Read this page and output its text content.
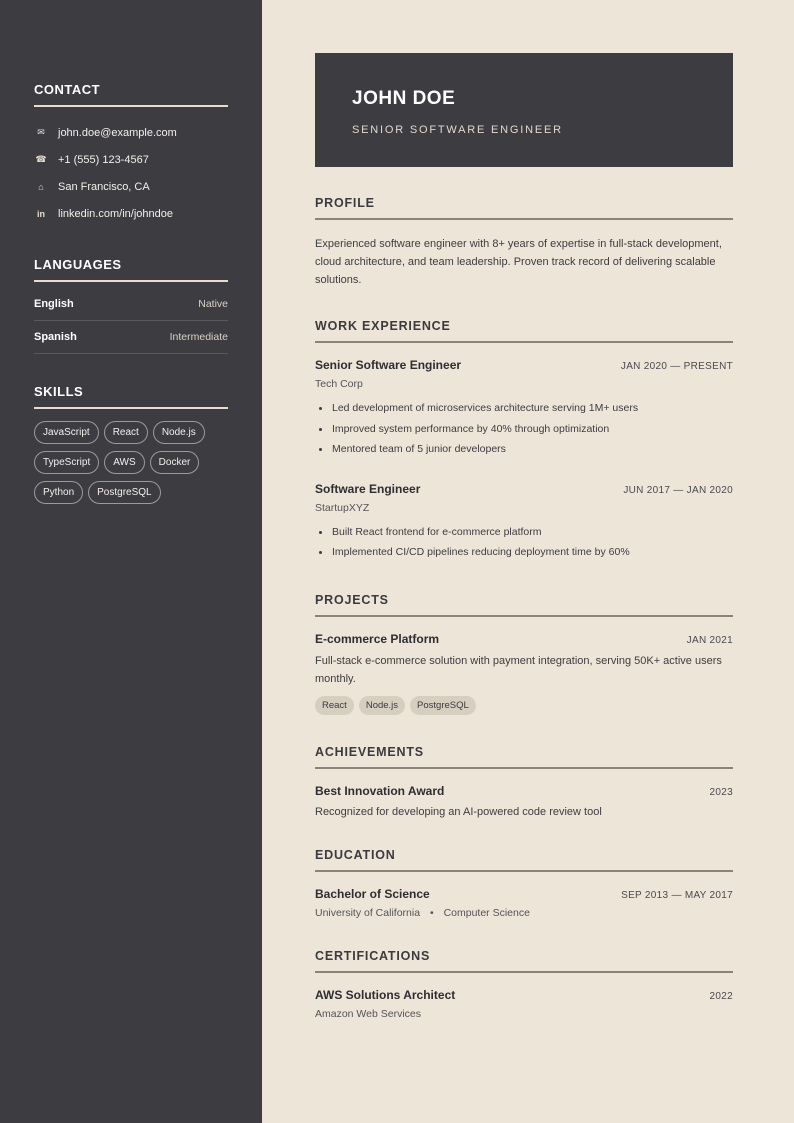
CONTACT
✉ john.doe@example.com
☎ +1 (555) 123-4567
⌂	San Francisco, CA
in linkedin.com/in/johndoe
LANGUAGES
English	Native
Spanish	Intermediate
SKILLS
JavaScript	React	Node.js
TypeScript	AWS	Docker
Python	PostgreSQL
JOHN DOE
SENIOR SOFTWARE ENGINEER
PROFILE

Experienced software engineer with 8+ years of expertise in full-stack development, cloud architecture, and team leadership. Proven track record of delivering scalable solutions.

WORK EXPERIENCE
Senior Software Engineer	JAN 2020 — PRESENT
Tech Corp
Led development of microservices architecture serving 1M+ users
Improved system performance by 40% through optimization
Mentored team of 5 junior developers
Software Engineer	JUN 2017 — JAN 2020
StartupXYZ
Built React frontend for e-commerce platform
Implemented CI/CD pipelines reducing deployment time by 60%
PROJECTS
E-commerce Platform	JAN 2021

Full-stack e-commerce solution with payment integration, serving 50K+ active users monthly.

React	Node.js	PostgreSQL
ACHIEVEMENTS
Best Innovation Award	2023
Recognized for developing an AI-powered code review tool
EDUCATION
Bachelor of Science	SEP 2013 — MAY 2017
University of California • Computer Science
CERTIFICATIONS
AWS Solutions Architect	2022
Amazon Web Services
